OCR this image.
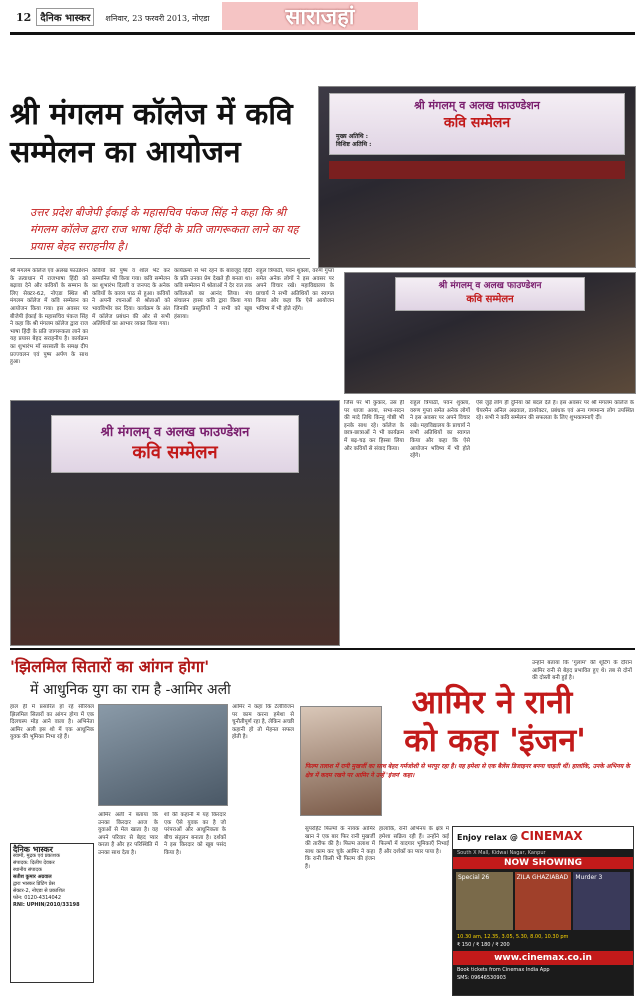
12 दैनिक भास्कर शनिवार, 23 फरवरी 2013, नोएडा	साराजहां
श्री मंगलम कॉलेज में कवि
सम्मेलन का आयोजन
श्री मंगलम् व अलख फाउण्डेशन
कवि सम्मेलन
मुख्य अतिथि :
विशिष्ट अतिथि :
उत्तर प्रदेश बीजेपी ईकाई के महासचिव पंकज सिंह ने कहा कि श्री मंगलम कॉलेज द्वारा राज भाषा हिंदी के प्रति जागरूकता लाने का यह प्रयास बेहद सराहनीय है।
श्री मंगलम कॉलेज एवं अलख फाउंडेशन के तत्वाधान में राजभाषा हिंदी को बढ़ावा देने और कवियों के सम्मान के लिए सेक्टर-62, नोएडा स्थित श्री मंगलम कॉलेज में कवि सम्मेलन का आयोजन किया गया। इस अवसर पर बीजेपी ईकाई के महासचिव पंकज सिंह ने कहा कि श्री मंगलम कॉलेज द्वारा राज भाषा हिंदी के प्रति जागरूकता लाने का यह प्रयास बेहद सराहनीय है। कार्यक्रम का शुभारंभ माँ सरस्वती के समक्ष दीप प्रज्ज्वलन एवं पुष्प अर्पण के साथ हुआ।
कवियों को पुष्प व शॉल भेंट कर सम्मानित भी किया गया। कवि सम्मेलन का शुभारंभ दिल्ली व जनपद के अनेक कवियों के काव्य पाठ से हुआ। कवियों ने अपनी रचनाओं से श्रोताओं को भावविभोर कर दिया। कार्यक्रम के अंत में कॉलेज प्रबंधन की ओर से सभी अतिथियों का आभार व्यक्त किया गया।
कार्यक्रमों से भरे रहने के बावजूद हिंदी के प्रति उनका प्रेम देखते ही बनता था। कवि सम्मेलन में श्रोताओं ने देर रात तक कविताओं का आनंद लिया। मंच संचालन हास्य कवि द्वारा किया गया जिनकी प्रस्तुतियों ने सभी को खूब हंसाया।
राहुल त्रिपाठी, पवन शुक्ला, वरुण गुप्ता समेत अनेक लोगों ने इस अवसर पर अपने विचार रखे। महाविद्यालय के प्राचार्य ने सभी अतिथियों का स्वागत किया और कहा कि ऐसे आयोजन भविष्य में भी होते रहेंगे।
जिस पर भी कुकार, उस ही पर थाजा आया, सभा-सदन की मादे तिथि किन्तु गोष्ठी भी इनके साथ रहे। कॉलेज के छात्र-छात्राओं ने भी कार्यक्रम में बढ़-चढ़ कर हिस्सा लिया और कवियों से संवाद किया।
राहुल त्रिपाठी, पवन शुक्ला, वरुण गुप्ता समेत अनेक लोगों ने इस अवसर पर अपने विचार रखे। महाविद्यालय के प्राचार्य ने सभी अतिथियों का स्वागत किया और कहा कि ऐसे आयोजन भविष्य में भी होते रहेंगे।
ऐसे जुड़े लोग ही दुनिया को बदल देते हैं। इस अवसर पर श्री मंगलम कॉलेज के चेयरमैन अनिल अग्रवाल, डायरेक्टर, प्रबंधक एवं अन्य गणमान्य लोग उपस्थित रहे। सभी ने कवि सम्मेलन की सफलता के लिए शुभकामनाएँ दीं।
श्री मंगलम् व अलख फाउण्डेशन
कवि सम्मेलन
श्री मंगलम् व अलख फाउण्डेशन
कवि सम्मेलन
'झिलमिल सितारों का आंगन होगा'
में आधुनिक युग का राम है -आमिर अली
हाल ही में प्रसारित हो रहे सीरियल झिलमिल सितारों का आंगन होगा में एक दिलचस्प मोड़ आने वाला है। अभिनेता आमिर अली इस शो में एक आधुनिक युवक की भूमिका निभा रहे हैं।
आमिर अली ने बताया कि उनका किरदार आज के युवाओं से मेल खाता है। वह अपने परिवार से बेहद प्यार करता है और हर परिस्थिति में उनका साथ देता है।
शो की कहानी में यह किरदार एक ऐसे युवक का है जो परंपराओं और आधुनिकता के बीच संतुलन बनाता है। दर्शकों ने इस किरदार को खूब पसंद किया है।
आमिर ने कहा कि टेलीविजन पर काम करना हमेशा से चुनौतीपूर्ण रहा है, लेकिन अच्छी कहानी हो तो मेहनत सफल होती है।
दैनिक भास्कर
स्वामी, मुद्रक एवं प्रकाशक
संपादक: दिलीप देवकर
स्थानीय संपादक
सतीश कुमार अग्रवाल
द्वारा भास्कर प्रिंटिंग प्रेस
सेक्टर-2, नोएडा से प्रकाशित
फोन: 0120-4314042
RNI: UPHIN/2010/33198
आमिर ने रानी
को कहा 'इंजन'
फिल्म तलाश में रानी मुखर्जी का साथ बेहद गर्मजोशी से भरपूर रहा है। यह हमेशा से एक बैलेंस डिजाइनर बनना चाहती थीं। हालांकि, उनके अभिनय के क्षेत्र में कदम रखने पर आमिर ने उन्हें 'इंजन' कहा।
सुपरहिट फिल्मों के नायक आमिर खान ने एक बार फिर रानी मुखर्जी की तारीफ की है। फिल्म तलाश में साथ काम कर चुके आमिर ने कहा कि रानी किसी भी फिल्म की इंजन हैं।
हालांकि, रानी अभिनय के क्षेत्र में हमेशा सक्रिय रही हैं। उन्होंने कई फिल्मों में यादगार भूमिकाएँ निभाई हैं और दर्शकों का प्यार पाया है।
उन्होंने बताया कि 'गुलाम' की शूटिंग के दौरान आमिर रानी से बेहद प्रभावित हुए थे। तब से दोनों की दोस्ती बनी हुई है।
Enjoy relax @ CINEMAX
South X Mall, Kidwai Nagar, Kanpur
NOW SHOWING
Special 26	ZILA GHAZIABAD	Murder 3
10.30 am, 12.35, 3.05, 5.30, 8.00, 10.30 pm
₹ 150 / ₹ 180 / ₹ 200
www.cinemax.co.in
Book tickets from Cinemax India App
SMS: 09646530903
